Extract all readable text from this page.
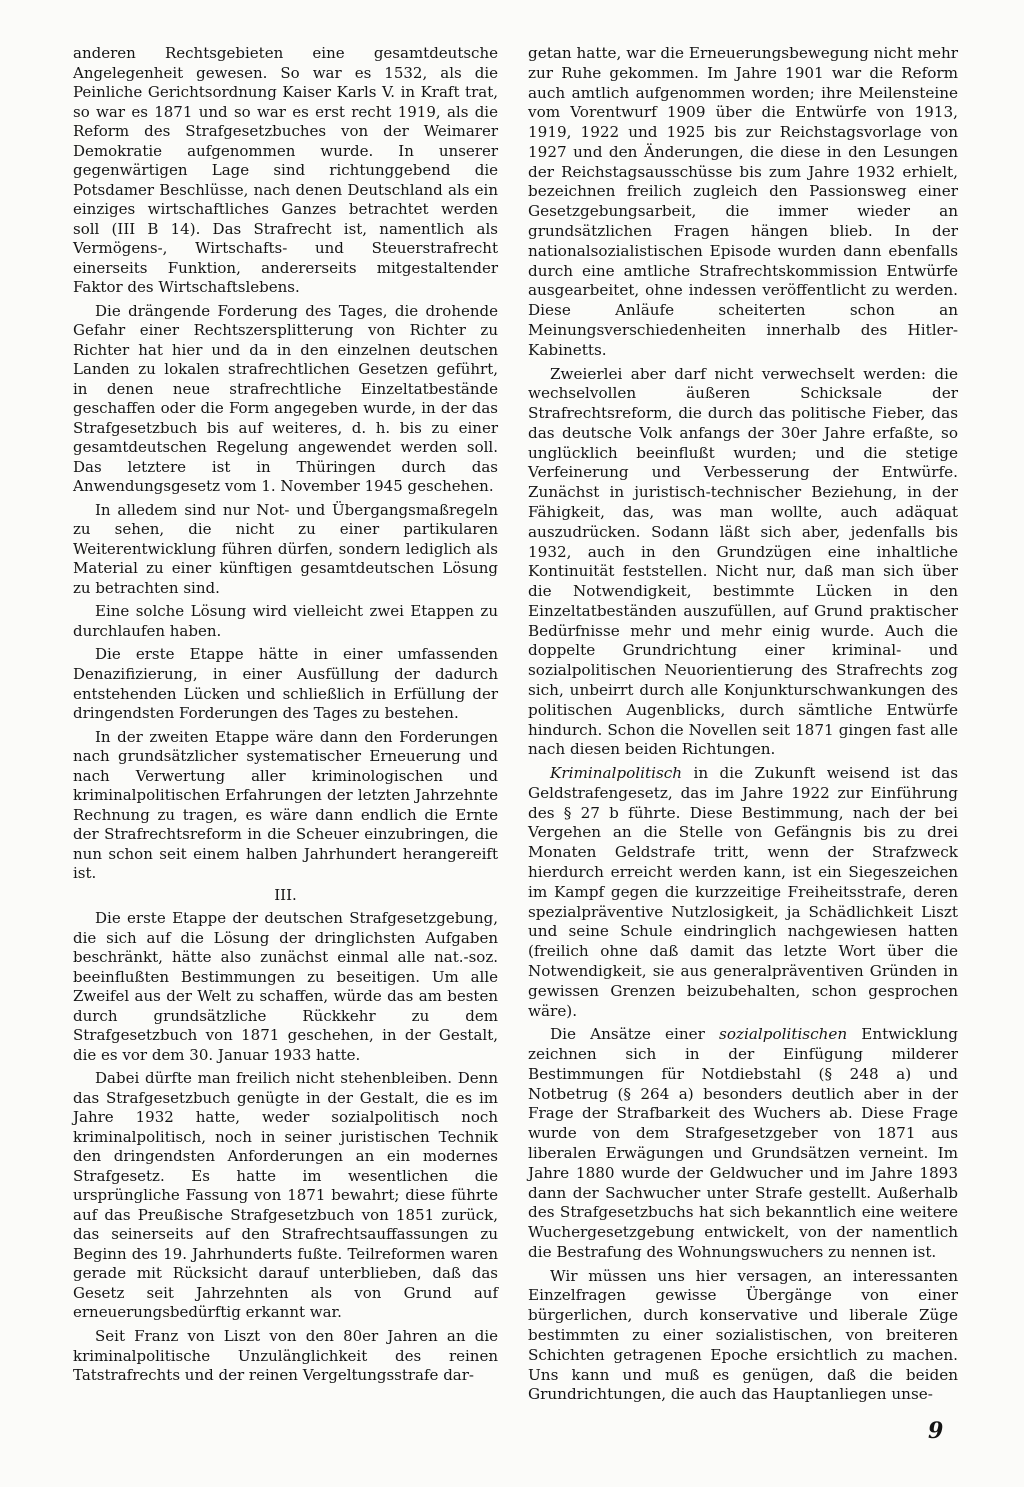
anderen Rechtsgebieten eine gesamtdeutsche Angelegenheit gewesen. So war es 1532, als die Peinliche Gerichtsordnung Kaiser Karls V. in Kraft trat, so war es 1871 und so war es erst recht 1919, als die Reform des Strafgesetzbuches von der Weimarer Demokratie aufgenommen wurde. In unserer gegenwärtigen Lage sind richtunggebend die Potsdamer Beschlüsse, nach denen Deutschland als ein einziges wirtschaftliches Ganzes betrachtet werden soll (III B 14). Das Strafrecht ist, namentlich als Vermögens-, Wirtschafts- und Steuerstrafrecht einerseits Funktion, andererseits mitgestaltender Faktor des Wirtschaftslebens.

Die drängende Forderung des Tages, die drohende Gefahr einer Rechtszersplitterung von Richter zu Richter hat hier und da in den einzelnen deutschen Landen zu lokalen strafrechtlichen Gesetzen geführt, in denen neue strafrechtliche Einzeltatbestände geschaffen oder die Form angegeben wurde, in der das Strafgesetzbuch bis auf weiteres, d. h. bis zu einer gesamtdeutschen Regelung angewendet werden soll. Das letztere ist in Thüringen durch das Anwendungsgesetz vom 1. November 1945 geschehen.

In alledem sind nur Not- und Übergangsmaßregeln zu sehen, die nicht zu einer partikularen Weiterentwicklung führen dürfen, sondern lediglich als Material zu einer künftigen gesamtdeutschen Lösung zu betrachten sind.

Eine solche Lösung wird vielleicht zwei Etappen zu durchlaufen haben.

Die erste Etappe hätte in einer umfassenden Denazifizierung, in einer Ausfüllung der dadurch entstehenden Lücken und schließlich in Erfüllung der dringendsten Forderungen des Tages zu bestehen.

In der zweiten Etappe wäre dann den Forderungen nach grundsätzlicher systematischer Erneuerung und nach Verwertung aller kriminologischen und kriminalpolitischen Erfahrungen der letzten Jahrzehnte Rechnung zu tragen, es wäre dann endlich die Ernte der Strafrechtsreform in die Scheuer einzubringen, die nun schon seit einem halben Jahrhundert herangereift ist.

III.

Die erste Etappe der deutschen Strafgesetzgebung, die sich auf die Lösung der dringlichsten Aufgaben beschränkt, hätte also zunächst einmal alle nat.-soz. beeinflußten Bestimmungen zu beseitigen. Um alle Zweifel aus der Welt zu schaffen, würde das am besten durch grundsätzliche Rückkehr zu dem Strafgesetzbuch von 1871 geschehen, in der Gestalt, die es vor dem 30. Januar 1933 hatte.

Dabei dürfte man freilich nicht stehenbleiben. Denn das Strafgesetzbuch genügte in der Gestalt, die es im Jahre 1932 hatte, weder sozialpolitisch noch kriminalpolitisch, noch in seiner juristischen Technik den dringendsten Anforderungen an ein modernes Strafgesetz. Es hatte im wesentlichen die ursprüngliche Fassung von 1871 bewahrt; diese führte auf das Preußische Strafgesetzbuch von 1851 zurück, das seinerseits auf den Strafrechtsauffassungen zu Beginn des 19. Jahrhunderts fußte. Teilreformen waren gerade mit Rücksicht darauf unterblieben, daß das Gesetz seit Jahrzehnten als von Grund auf erneuerungsbedürftig erkannt war.

Seit Franz von Liszt von den 80er Jahren an die kriminalpolitische Unzulänglichkeit des reinen Tatstrafrechts und der reinen Vergeltungsstrafe dar-

getan hatte, war die Erneuerungsbewegung nicht mehr zur Ruhe gekommen. Im Jahre 1901 war die Reform auch amtlich aufgenommen worden; ihre Meilensteine vom Vorentwurf 1909 über die Entwürfe von 1913, 1919, 1922 und 1925 bis zur Reichstagsvorlage von 1927 und den Änderungen, die diese in den Lesungen der Reichstagsausschüsse bis zum Jahre 1932 erhielt, bezeichnen freilich zugleich den Passionsweg einer Gesetzgebungsarbeit, die immer wieder an grundsätzlichen Fragen hängen blieb. In der nationalsozialistischen Episode wurden dann ebenfalls durch eine amtliche Strafrechtskommission Entwürfe ausgearbeitet, ohne indessen veröffentlicht zu werden. Diese Anläufe scheiterten schon an Meinungsverschiedenheiten innerhalb des Hitler-Kabinetts.

Zweierlei aber darf nicht verwechselt werden: die wechselvollen äußeren Schicksale der Strafrechtsreform, die durch das politische Fieber, das das deutsche Volk anfangs der 30er Jahre erfaßte, so unglücklich beeinflußt wurden; und die stetige Verfeinerung und Verbesserung der Entwürfe. Zunächst in juristisch-technischer Beziehung, in der Fähigkeit, das, was man wollte, auch adäquat auszudrücken. Sodann läßt sich aber, jedenfalls bis 1932, auch in den Grundzügen eine inhaltliche Kontinuität feststellen. Nicht nur, daß man sich über die Notwendigkeit, bestimmte Lücken in den Einzeltatbeständen auszufüllen, auf Grund praktischer Bedürfnisse mehr und mehr einig wurde. Auch die doppelte Grundrichtung einer kriminal- und sozialpolitischen Neuorientierung des Strafrechts zog sich, unbeirrt durch alle Konjunkturschwankungen des politischen Augenblicks, durch sämtliche Entwürfe hindurch. Schon die Novellen seit 1871 gingen fast alle nach diesen beiden Richtungen.

Kriminalpolitisch in die Zukunft weisend ist das Geldstrafengesetz, das im Jahre 1922 zur Einführung des § 27 b führte. Diese Bestimmung, nach der bei Vergehen an die Stelle von Gefängnis bis zu drei Monaten Geldstrafe tritt, wenn der Strafzweck hierdurch erreicht werden kann, ist ein Siegeszeichen im Kampf gegen die kurzzeitige Freiheitsstrafe, deren spezialpräventive Nutzlosigkeit, ja Schädlichkeit Liszt und seine Schule eindringlich nachgewiesen hatten (freilich ohne daß damit das letzte Wort über die Notwendigkeit, sie aus generalpräventiven Gründen in gewissen Grenzen beizubehalten, schon gesprochen wäre).

Die Ansätze einer sozialpolitischen Entwicklung zeichnen sich in der Einfügung milderer Bestimmungen für Notdiebstahl (§ 248 a) und Notbetrug (§ 264 a) besonders deutlich aber in der Frage der Strafbarkeit des Wuchers ab. Diese Frage wurde von dem Strafgesetzgeber von 1871 aus liberalen Erwägungen und Grundsätzen verneint. Im Jahre 1880 wurde der Geldwucher und im Jahre 1893 dann der Sachwucher unter Strafe gestellt. Außerhalb des Strafgesetzbuchs hat sich bekanntlich eine weitere Wuchergesetzgebung entwickelt, von der namentlich die Bestrafung des Wohnungswuchers zu nennen ist.

Wir müssen uns hier versagen, an interessanten Einzelfragen gewisse Übergänge von einer bürgerlichen, durch konservative und liberale Züge bestimmten zu einer sozialistischen, von breiteren Schichten getragenen Epoche ersichtlich zu machen. Uns kann und muß es genügen, daß die beiden Grundrichtungen, die auch das Hauptanliegen unse-

9
